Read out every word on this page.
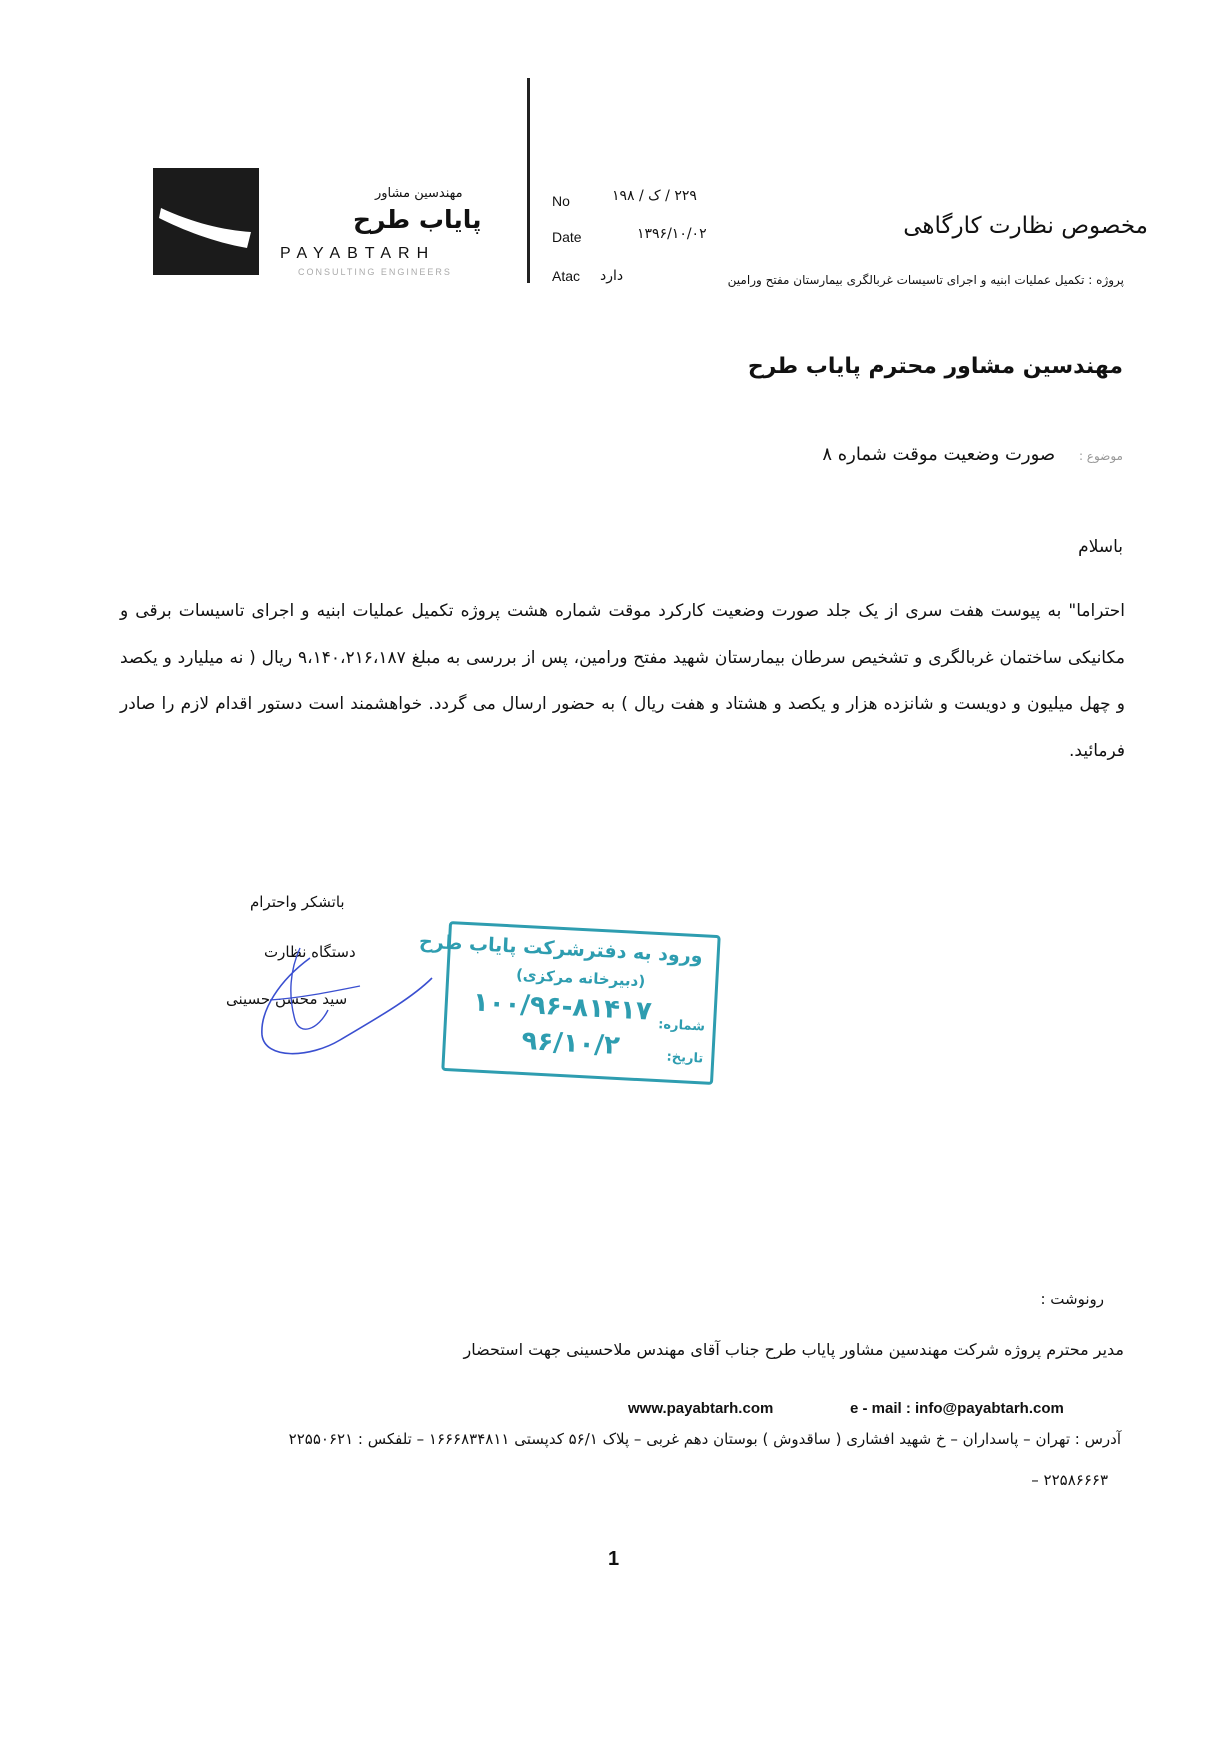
مهندسین مشاور
پایاب طرح
PAYABTARH
CONSULTING ENGINEERS
No	۲۲۹ / ک / ۱۹۸
Date	۱۳۹۶/۱۰/۰۲
Atac دارد
مخصوص نظارت کارگاهی
پروژه : تکمیل عملیات ابنیه و اجرای تاسیسات غربالگری بیمارستان مفتح ورامین
مهندسین مشاور محترم پایاب طرح
موضوع : صورت وضعیت موقت شماره ۸
باسلام
احتراما" به پیوست هفت سری از یک جلد صورت وضعیت کارکرد موقت شماره هشت پروژه تکمیل عملیات ابنیه و اجرای تاسیسات برقی و مکانیکی ساختمان غربالگری و تشخیص سرطان بیمارستان شهید مفتح ورامین، پس از بررسی به مبلغ ۹،۱۴۰،۲۱۶،۱۸۷ ریال ( نه میلیارد و یکصد و چهل میلیون و دویست و شانزده هزار و یکصد و هشتاد و هفت ریال ) به حضور ارسال می گردد. خواهشمند است دستور اقدام لازم را صادر فرمائید.
باتشکر واحترام
دستگاه نظارت
سید محسن حسینی
ورود به دفترشرکت پایاب طرح
(دبیرخانه مرکزی)
شماره:
۱۰۰/۹۶-۸۱۴۱۷
تاریخ:
۹۶/۱۰/۲
رونوشت :
مدیر محترم پروژه شرکت مهندسین مشاور پایاب طرح جناب آقای مهندس ملاحسینی جهت استحضار
www.payabtarh.com	e - mail : info@payabtarh.com
آدرس : تهران – پاسداران – خ شهید افشاری ( ساقدوش ) بوستان دهم غربی – پلاک ۵۶/۱ کدپستی ۱۶۶۶۸۳۴۸۱۱ – تلفکس : ۲۲۵۵۰۶۲۱
۲۲۵۸۶۶۶۳ –
1
